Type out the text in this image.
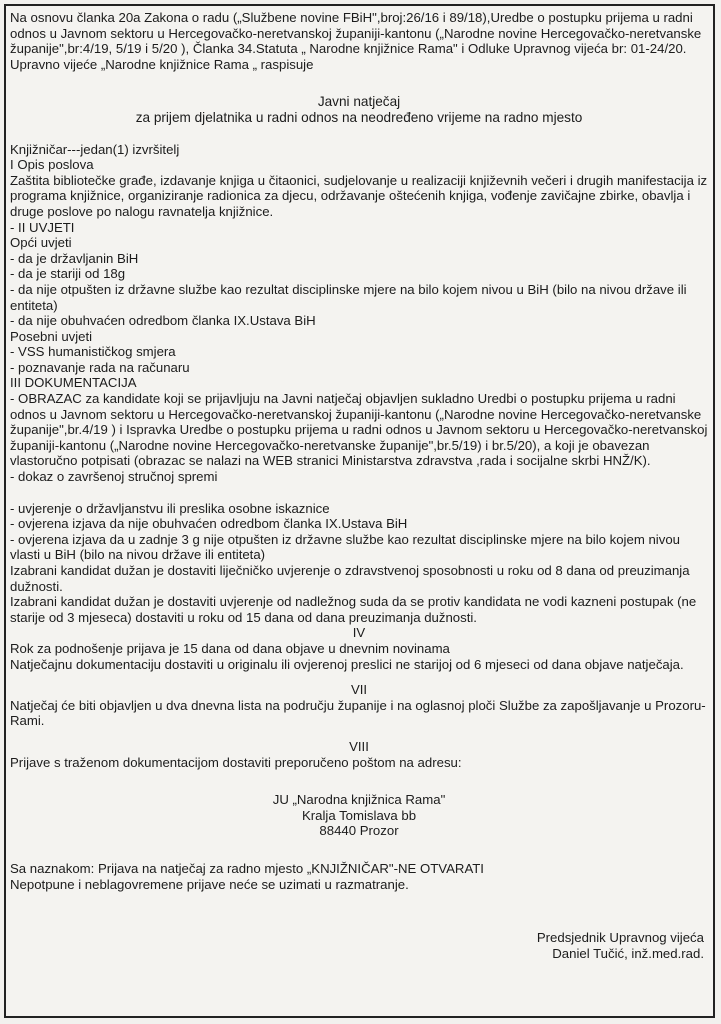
Na osnovu članka 20a Zakona o radu („Službene novine FBiH",broj:26/16 i 89/18),Uredbe o postupku prijema u radni odnos u Javnom sektoru u Hercegovačko-neretvanskoj županiji-kantonu („Narodne novine Hercegovačko-neretvanske županije",br:4/19, 5/19 i 5/20 ), Članka 34.Statuta „ Narodne knjižnice Rama" i Odluke Upravnog vijeća br: 01-24/20. Upravno vijeće „Narodne knjižnice Rama „ raspisuje

Javni natječaj

za prijem djelatnika u radni odnos na neodređeno vrijeme na radno mjesto

Knjižničar---jedan(1) izvršitelj

I Opis poslova

Zaštita bibliotečke građe, izdavanje knjiga u čitaonici, sudjelovanje u realizaciji književnih večeri i drugih manifestacija iz programa knjižnice, organiziranje radionica za djecu, održavanje oštećenih knjiga, vođenje zavičajne zbirke, obavlja i druge poslove po nalogu ravnatelja knjižnice.

- II UVJETI

Opći uvjeti

- da je državljanin BiH

- da je stariji od 18g

- da nije otpušten iz državne službe kao rezultat disciplinske mjere na bilo kojem nivou u BiH (bilo na nivou države ili entiteta)

- da nije obuhvaćen odredbom članka IX.Ustava BiH

Posebni uvjeti

- VSS humanističkog smjera

- poznavanje rada na računaru

III DOKUMENTACIJA

- OBRAZAC za kandidate koji se prijavljuju na Javni natječaj objavljen sukladno Uredbi o postupku prijema u radni odnos u Javnom sektoru u Hercegovačko-neretvanskoj županiji-kantonu („Narodne novine Hercegovačko-neretvanske županije",br.4/19 ) i Ispravka Uredbe o postupku prijema u radni odnos u Javnom sektoru u Hercegovačko-neretvanskoj županiji-kantonu („Narodne novine Hercegovačko-neretvanske županije",br.5/19) i br.5/20), a koji je obavezan vlastoručno potpisati (obrazac se nalazi na WEB stranici Ministarstva zdravstva ,rada i socijalne skrbi HNŽ/K).

- dokaz o završenoj stručnoj spremi

- uvjerenje o državljanstvu ili preslika osobne iskaznice

- ovjerena izjava da nije obuhvaćen odredbom članka IX.Ustava BiH

- ovjerena izjava da u zadnje 3 g nije otpušten iz državne službe kao rezultat disciplinske mjere na bilo kojem nivou vlasti u BiH (bilo na nivou države ili entiteta)

Izabrani kandidat dužan je dostaviti liječničko uvjerenje o zdravstvenoj sposobnosti u roku od 8 dana od preuzimanja dužnosti.

Izabrani kandidat dužan je dostaviti uvjerenje od nadležnog suda da se protiv kandidata ne vodi kazneni postupak (ne starije od 3 mjeseca) dostaviti u roku od 15 dana od dana preuzimanja dužnosti.

IV

Rok za podnošenje prijava je 15 dana od dana objave u dnevnim novinama

Natječajnu dokumentaciju dostaviti u originalu ili ovjerenoj preslici ne starijoj od 6 mjeseci od dana objave natječaja.

VII

Natječaj će biti objavljen u dva dnevna lista na području županije i na oglasnoj ploči Službe za zapošljavanje u Prozoru-Rami.

VIII

Prijave s traženom dokumentacijom dostaviti preporučeno poštom na adresu:

JU „Narodna knjižnica Rama"

Kralja Tomislava bb

88440 Prozor

Sa naznakom: Prijava na natječaj za radno mjesto „KNJIŽNIČAR"-NE OTVARATI

Nepotpune i neblagovremene prijave neće se uzimati u razmatranje.

Predsjednik Upravnog vijeća

Daniel Tučić, inž.med.rad.
